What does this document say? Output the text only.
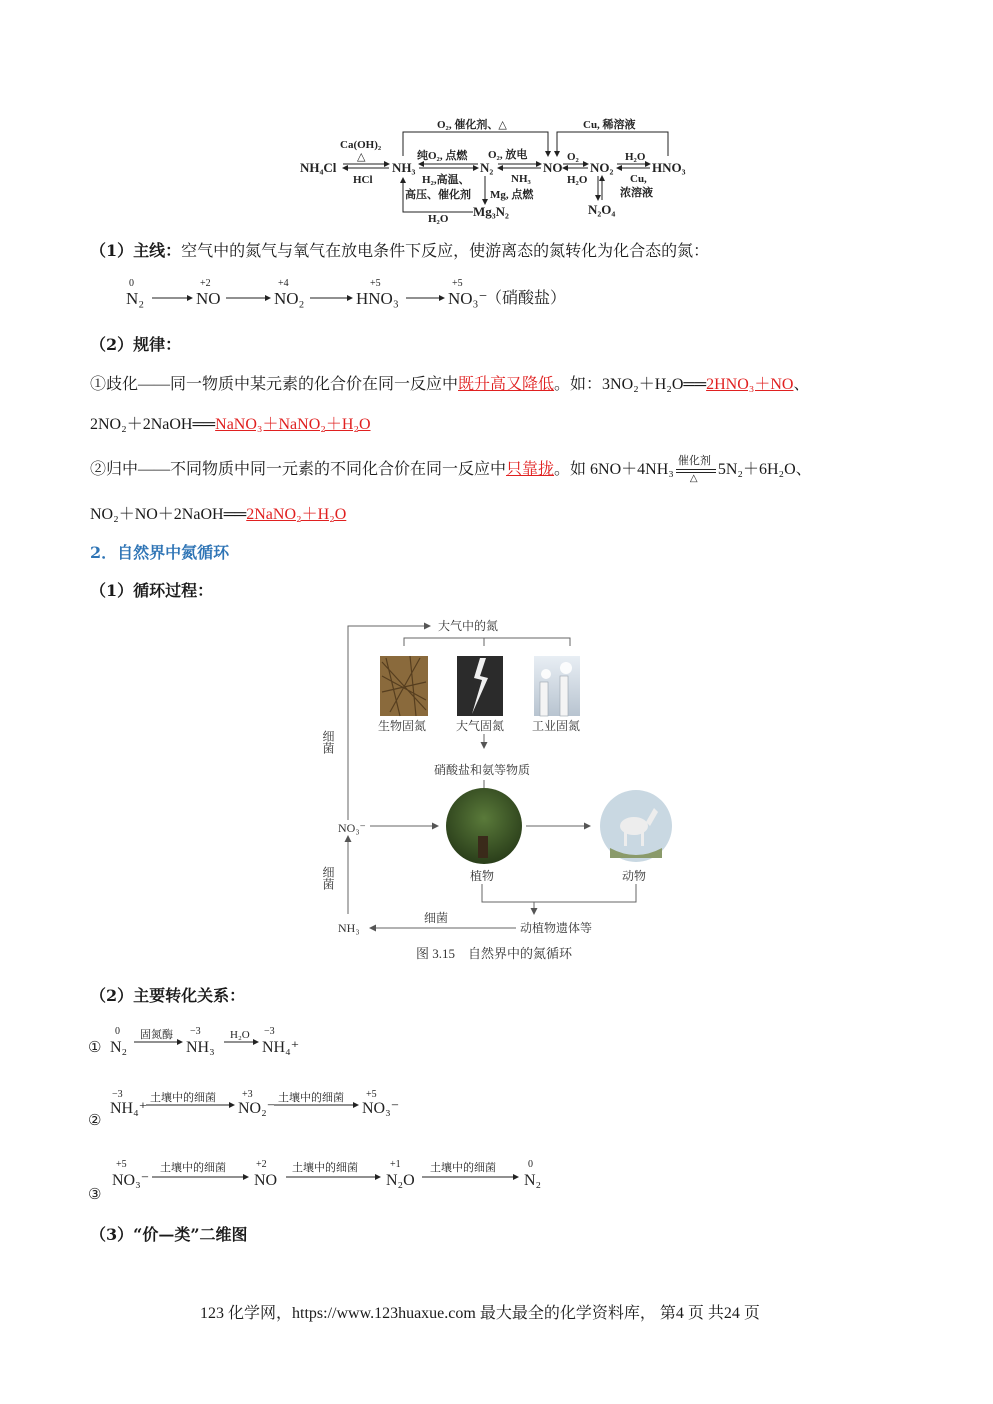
NH₄Cl	NH₃	N₂	NO NO₂	HNO₃
N₂O₄
Mg₃N₂
Ca(OH)₂
△
HCl
O₂, 催化剂、△	Cu, 稀溶液
纯O₂, 点燃
H₂,高温、
高压、催化剂
O₂, 放电
NH₃
O₂	H₂O
H₂O	Cu,
浓溶液
Mg, 点燃
H₂O
（1）主线：空气中的氮气与氧气在放电条件下反应，使游离态的氮转化为化合态的氮：
0
N₂
+2
NO
+4
NO₂
+5
HNO₃
+5
NO₃⁻
（硝酸盐）
（2）规律：
①歧化——同一物质中某元素的化合价在同一反应中既升高又降低。如：3NO₂＋H₂O══2HNO₃＋NO、
2NO₂＋2NaOH══NaNO₃＋NaNO₂＋H₂O
②归中——不同物质中同一元素的不同化合价在同一反应中只靠拢。如 6NO＋4NH₃ 催化剂
△
5N₂＋6H₂O、
NO₂＋NO＋2NaOH══2NaNO₂＋H₂O
2．自然界中氮循环
（1）循环过程：
大气中的氮
生物固氮 大气固氮 工业固氮
硝酸盐和氨等物质
NO₃⁻
植物	动物
NH₃	动植物遗体等
细菌
细菌
细菌
图 3.15　自然界中的氮循环
（2）主要转化关系：
①
0
N₂
固氮酶 −3
NH₃
H₂O −3
NH₄⁺
②
−3
NH₄⁺
土壤中的细菌	+3
NO₂⁻
土壤中的细菌 +5
NO₃⁻
③
+5
NO₃⁻
土壤中的细菌	+2
NO
土壤中的细菌	+1
N₂O
土壤中的细菌	0
N₂
（3）“价—类”二维图
123 化学网，https://www.123huaxue.com 最大最全的化学资料库， 第4 页 共24 页
